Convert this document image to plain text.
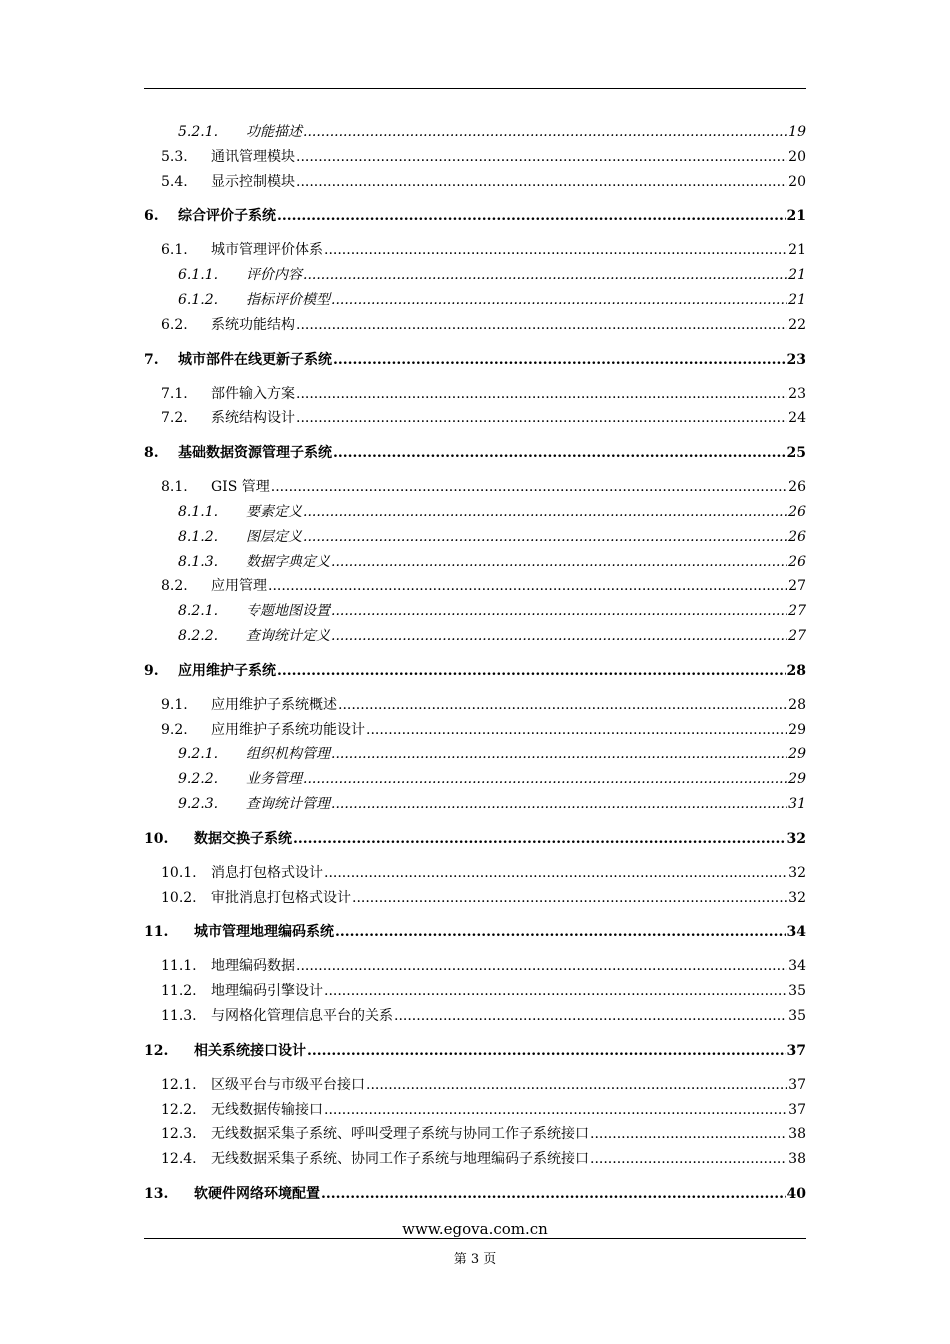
5.2.1.	功能描述 .....	19
5.3.	通讯管理模块 .....	20
5.4.	显示控制模块 .....	20
6.	综合评价子系统 .....	21
6.1.	城市管理评价体系 .....	21
6.1.1.	评价内容 .....	21
6.1.2.	指标评价模型 .....	21
6.2.	系统功能结构 .....	22
7.	城市部件在线更新子系统 .....	23
7.1.	部件输入方案 .....	23
7.2.	系统结构设计 .....	24
8.	基础数据资源管理子系统 .....	25
8.1.	GIS 管理 .....	26
8.1.1.	要素定义 .....	26
8.1.2.	图层定义 .....	26
8.1.3.	数据字典定义 .....	26
8.2.	应用管理 .....	27
8.2.1.	专题地图设置 .....	27
8.2.2.	查询统计定义 .....	27
9.	应用维护子系统 .....	28
9.1.	应用维护子系统概述 .....	28
9.2.	应用维护子系统功能设计 .....	29
9.2.1.	组织机构管理 .....	29
9.2.2.	业务管理 .....	29
9.2.3.	查询统计管理 .....	31
10.	数据交换子系统 .....	32
10.1.	消息打包格式设计 .....	32
10.2.	审批消息打包格式设计 .....	32
11.	城市管理地理编码系统 .....	34
11.1.	地理编码数据 .....	34
11.2.	地理编码引擎设计 .....	35
11.3.	与网格化管理信息平台的关系 .....	35
12.	相关系统接口设计 .....	37
12.1.	区级平台与市级平台接口 .....	37
12.2.	无线数据传输接口 .....	37
12.3.	无线数据采集子系统、呼叫受理子系统与协同工作子系统接口 .....	38
12.4.	无线数据采集子系统、协同工作子系统与地理编码子系统接口 .....	38
13.	软硬件网络环境配置 .....	40
www.egova.com.cn
第 3 页
